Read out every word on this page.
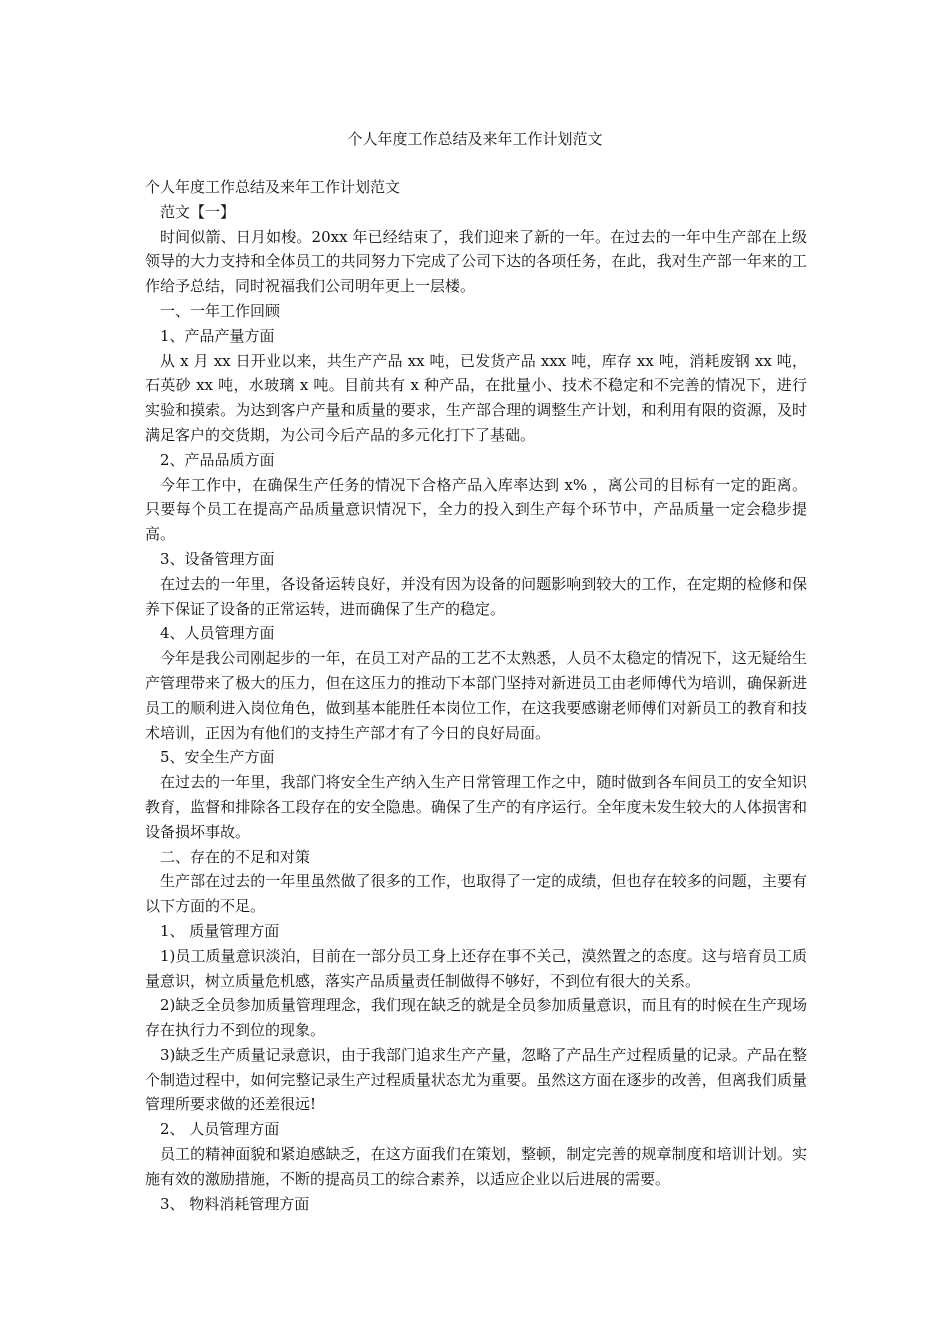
个人年度工作总结及来年工作计划范文

个人年度工作总结及来年工作计划范文

范文【一】

时间似箭、日月如梭。20xx 年已经结束了，我们迎来了新的一年。在过去的一年中生产部在上级领导的大力支持和全体员工的共同努力下完成了公司下达的各项任务，在此，我对生产部一年来的工作给予总结，同时祝福我们公司明年更上一层楼。

一、一年工作回顾

1、产品产量方面

从 x 月 xx 日开业以来，共生产产品 xx 吨，已发货产品 xxx 吨，库存 xx 吨，消耗废钢 xx 吨，石英砂 xx 吨，水玻璃 x 吨。目前共有 x 种产品，在批量小、技术不稳定和不完善的情况下，进行实验和摸索。为达到客户产量和质量的要求，生产部合理的调整生产计划，和利用有限的资源，及时满足客户的交货期，为公司今后产品的多元化打下了基础。

2、产品品质方面

今年工作中，在确保生产任务的情况下合格产品入库率达到 x% ，离公司的目标有一定的距离。只要每个员工在提高产品质量意识情况下，全力的投入到生产每个环节中，产品质量一定会稳步提高。

3、设备管理方面

在过去的一年里，各设备运转良好，并没有因为设备的问题影响到较大的工作，在定期的检修和保养下保证了设备的正常运转，进而确保了生产的稳定。

4、人员管理方面

今年是我公司刚起步的一年，在员工对产品的工艺不太熟悉，人员不太稳定的情况下，这无疑给生产管理带来了极大的压力，但在这压力的推动下本部门坚持对新进员工由老师傅代为培训，确保新进员工的顺利进入岗位角色，做到基本能胜任本岗位工作，在这我要感谢老师傅们对新员工的教育和技术培训，正因为有他们的支持生产部才有了今日的良好局面。

5、安全生产方面

在过去的一年里，我部门将安全生产纳入生产日常管理工作之中，随时做到各车间员工的安全知识教育，监督和排除各工段存在的安全隐患。确保了生产的有序运行。全年度未发生较大的人体损害和设备损坏事故。

二、存在的不足和对策

生产部在过去的一年里虽然做了很多的工作，也取得了一定的成绩，但也存在较多的问题，主要有以下方面的不足。

1、 质量管理方面

1)员工质量意识淡泊，目前在一部分员工身上还存在事不关己，漠然置之的态度。这与培育员工质量意识，树立质量危机感，落实产品质量责任制做得不够好，不到位有很大的关系。

2)缺乏全员参加质量管理理念，我们现在缺乏的就是全员参加质量意识，而且有的时候在生产现场存在执行力不到位的现象。

3)缺乏生产质量记录意识，由于我部门追求生产产量，忽略了产品生产过程质量的记录。产品在整个制造过程中，如何完整记录生产过程质量状态尤为重要。虽然这方面在逐步的改善，但离我们质量管理所要求做的还差很远!

2、 人员管理方面

员工的精神面貌和紧迫感缺乏，在这方面我们在策划，整顿，制定完善的规章制度和培训计划。实施有效的激励措施，不断的提高员工的综合素养，以适应企业以后进展的需要。

3、 物料消耗管理方面
